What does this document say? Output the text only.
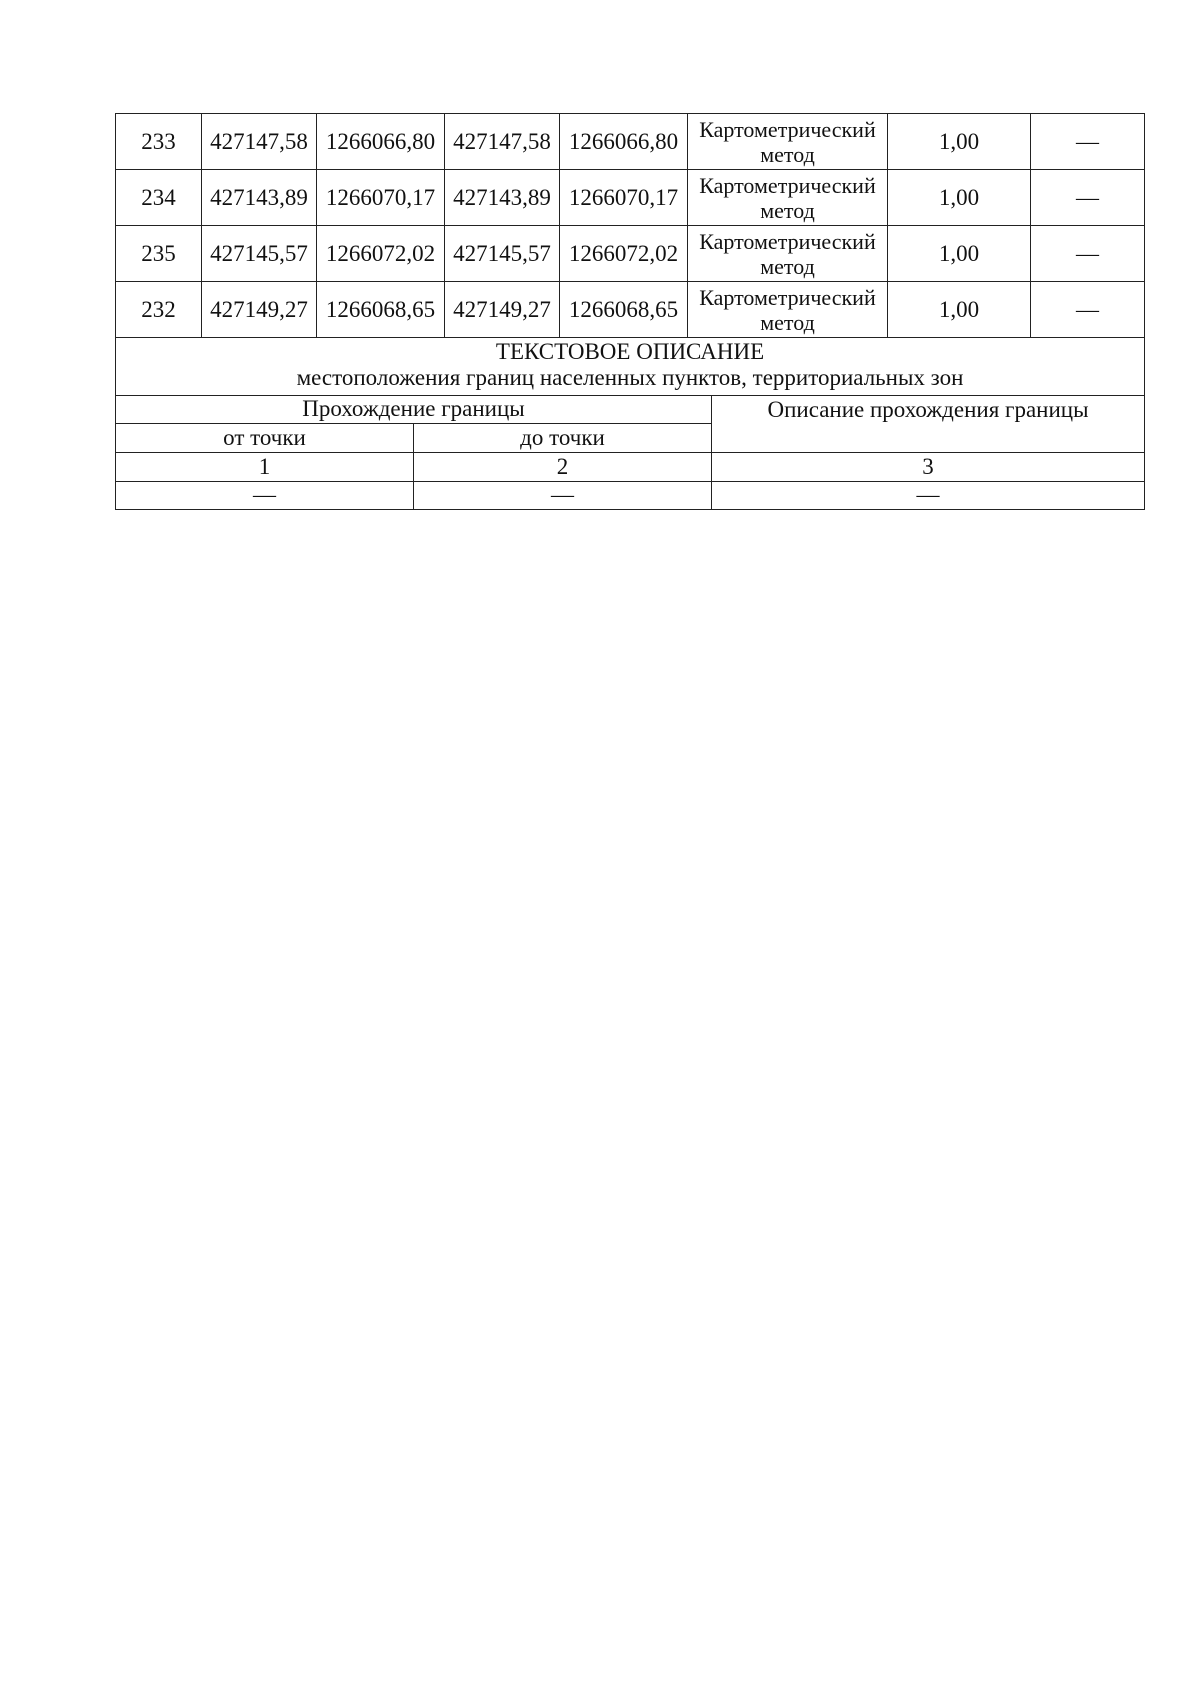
233	427147,58	1266066,80	427147,58	1266066,80	Картометрический
метод	1,00	—
234	427143,89	1266070,17	427143,89	1266070,17	Картометрический
метод	1,00	—
235	427145,57	1266072,02	427145,57	1266072,02	Картометрический
метод	1,00	—
232	427149,27	1266068,65	427149,27	1266068,65	Картометрический
метод	1,00	—
ТЕКСТОВОЕ ОПИСАНИЕ
местоположения границ населенных пунктов, территориальных зон		

Прохождение границы		Описание прохождения границы
от точки	до точки	
1	2	3
—	—	—
